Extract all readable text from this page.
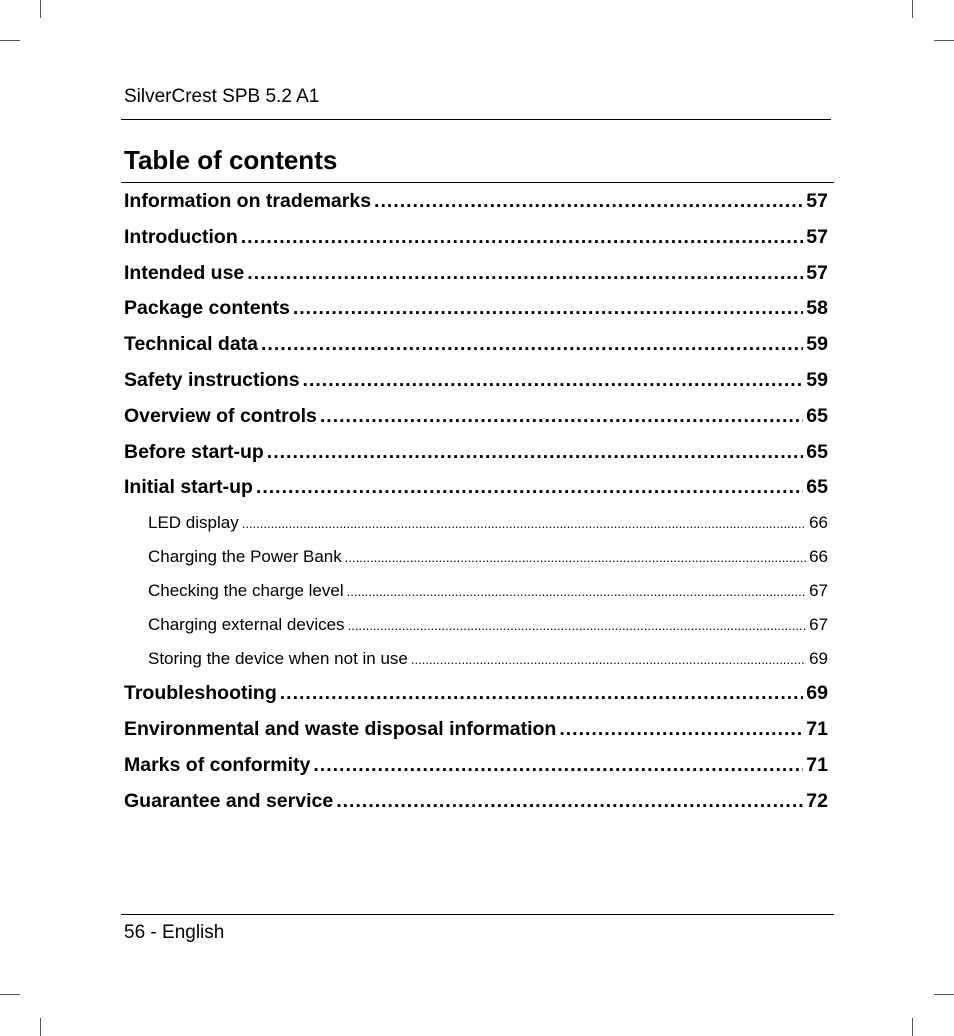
SilverCrest SPB 5.2 A1
Table of contents
Information on trademarks .....	57
Introduction .....	57
Intended use .....	57
Package contents .....	58
Technical data .....	59
Safety instructions .....	59
Overview of controls .....	65
Before start-up .....	65
Initial start-up .....	65
LED display .....	66
Charging the Power Bank .....	66
Checking the charge level .....	67
Charging external devices .....	67
Storing the device when not in use .....	69
Troubleshooting .....	69
Environmental and waste disposal information .....	71
Marks of conformity .....	71
Guarantee and service .....	72
56 - English
